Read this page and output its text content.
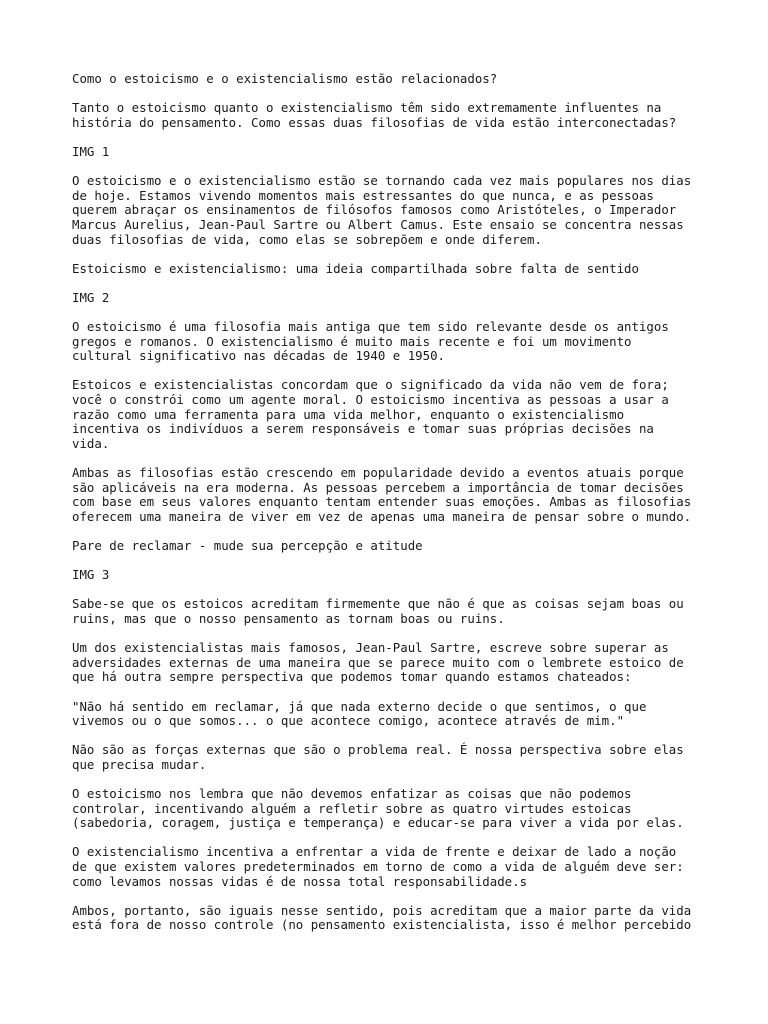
Como o estoicismo e o existencialismo estão relacionados?

Tanto o estoicismo quanto o existencialismo têm sido extremamente influentes na
história do pensamento. Como essas duas filosofias de vida estão interconectadas?

IMG 1

O estoicismo e o existencialismo estão se tornando cada vez mais populares nos dias
de hoje. Estamos vivendo momentos mais estressantes do que nunca, e as pessoas
querem abraçar os ensinamentos de filósofos famosos como Aristóteles, o Imperador
Marcus Aurelius, Jean-Paul Sartre ou Albert Camus. Este ensaio se concentra nessas
duas filosofias de vida, como elas se sobrepõem e onde diferem.

Estoicismo e existencialismo: uma ideia compartilhada sobre falta de sentido

IMG 2

O estoicismo é uma filosofia mais antiga que tem sido relevante desde os antigos
gregos e romanos. O existencialismo é muito mais recente e foi um movimento
cultural significativo nas décadas de 1940 e 1950.

Estoicos e existencialistas concordam que o significado da vida não vem de fora;
você o constrói como um agente moral. O estoicismo incentiva as pessoas a usar a
razão como uma ferramenta para uma vida melhor, enquanto o existencialismo
incentiva os indivíduos a serem responsáveis e tomar suas próprias decisões na
vida.

Ambas as filosofias estão crescendo em popularidade devido a eventos atuais porque
são aplicáveis na era moderna. As pessoas percebem a importância de tomar decisões
com base em seus valores enquanto tentam entender suas emoções. Ambas as filosofias
oferecem uma maneira de viver em vez de apenas uma maneira de pensar sobre o mundo.

Pare de reclamar - mude sua percepção e atitude

IMG 3

Sabe-se que os estoicos acreditam firmemente que não é que as coisas sejam boas ou
ruins, mas que o nosso pensamento as tornam boas ou ruins.

Um dos existencialistas mais famosos, Jean-Paul Sartre, escreve sobre superar as
adversidades externas de uma maneira que se parece muito com o lembrete estoico de
que há outra sempre perspectiva que podemos tomar quando estamos chateados:

"Não há sentido em reclamar, já que nada externo decide o que sentimos, o que
vivemos ou o que somos... o que acontece comigo, acontece através de mim."

Não são as forças externas que são o problema real. É nossa perspectiva sobre elas
que precisa mudar.

O estoicismo nos lembra que não devemos enfatizar as coisas que não podemos
controlar, incentivando alguém a refletir sobre as quatro virtudes estoicas
(sabedoria, coragem, justiça e temperança) e educar-se para viver a vida por elas.

O existencialismo incentiva a enfrentar a vida de frente e deixar de lado a noção
de que existem valores predeterminados em torno de como a vida de alguém deve ser:
como levamos nossas vidas é de nossa total responsabilidade.s

Ambos, portanto, são iguais nesse sentido, pois acreditam que a maior parte da vida
está fora de nosso controle (no pensamento existencialista, isso é melhor percebido
